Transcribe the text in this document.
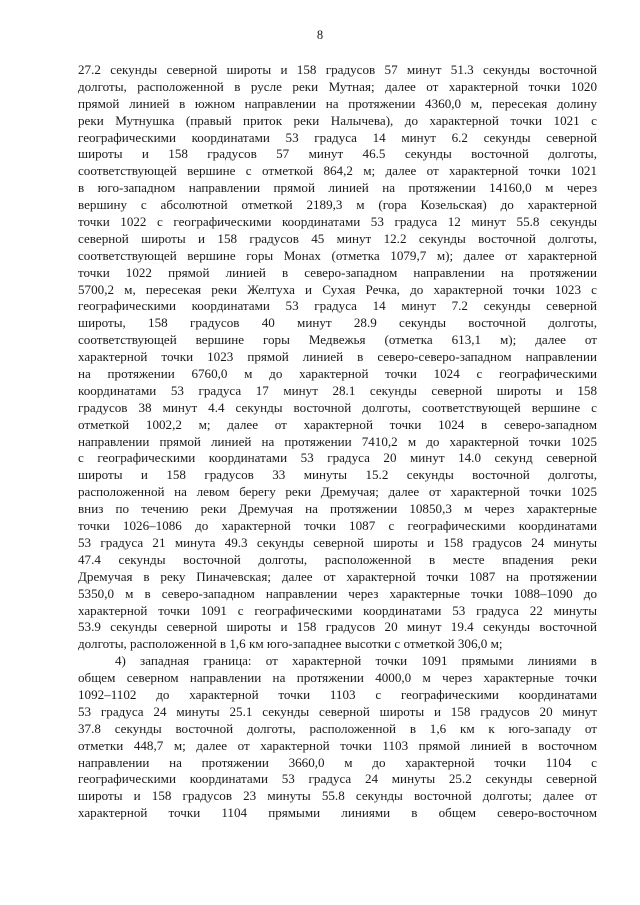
8
27.2 секунды северной широты и 158 градусов 57 минут 51.3 секунды восточной
долготы, расположенной в русле реки Мутная; далее от характерной точки 1020
прямой линией в южном направлении на протяжении 4360,0 м, пересекая долину
реки Мутнушка (правый приток реки Налычева), до характерной точки 1021 с
географическими координатами 53 градуса 14 минут 6.2 секунды северной
широты и 158 градусов 57 минут 46.5 секунды восточной долготы,
соответствующей вершине с отметкой 864,2 м; далее от характерной точки 1021
в юго-западном направлении прямой линией на протяжении 14160,0 м через
вершину с абсолютной отметкой 2189,3 м (гора Козельская) до характерной
точки 1022 с географическими координатами 53 градуса 12 минут 55.8 секунды
северной широты и 158 градусов 45 минут 12.2 секунды восточной долготы,
соответствующей вершине горы Монах (отметка 1079,7 м); далее от характерной
точки 1022 прямой линией в северо-западном направлении на протяжении
5700,2 м, пересекая реки Желтуха и Сухая Речка, до характерной точки 1023 с
географическими координатами 53 градуса 14 минут 7.2 секунды северной
широты, 158 градусов 40 минут 28.9 секунды восточной долготы,
соответствующей вершине горы Медвежья (отметка 613,1 м); далее от
характерной точки 1023 прямой линией в северо-северо-западном направлении
на протяжении 6760,0 м до характерной точки 1024 с географическими
координатами 53 градуса 17 минут 28.1 секунды северной широты и 158
градусов 38 минут 4.4 секунды восточной долготы, соответствующей вершине с
отметкой 1002,2 м; далее от характерной точки 1024 в северо-западном
направлении прямой линией на протяжении 7410,2 м до характерной точки 1025
с географическими координатами 53 градуса 20 минут 14.0 секунд северной
широты и 158 градусов 33 минуты 15.2 секунды восточной долготы,
расположенной на левом берегу реки Дремучая; далее от характерной точки 1025
вниз по течению реки Дремучая на протяжении 10850,3 м через характерные
точки 1026–1086 до характерной точки 1087 с географическими координатами
53 градуса 21 минута 49.3 секунды северной широты и 158 градусов 24 минуты
47.4 секунды восточной долготы, расположенной в месте впадения реки
Дремучая в реку Пиначевская; далее от характерной точки 1087 на протяжении
5350,0 м в северо-западном направлении через характерные точки 1088–1090 до
характерной точки 1091 с географическими координатами 53 градуса 22 минуты
53.9 секунды северной широты и 158 градусов 20 минут 19.4 секунды восточной
долготы, расположенной в 1,6 км юго-западнее высотки с отметкой 306,0 м;
4) западная граница: от характерной точки 1091 прямыми линиями в
общем северном направлении на протяжении 4000,0 м через характерные точки
1092–1102 до характерной точки 1103 с географическими координатами
53 градуса 24 минуты 25.1 секунды северной широты и 158 градусов 20 минут
37.8 секунды восточной долготы, расположенной в 1,6 км к юго-западу от
отметки 448,7 м; далее от характерной точки 1103 прямой линией в восточном
направлении на протяжении 3660,0 м до характерной точки 1104 с
географическими координатами 53 градуса 24 минуты 25.2 секунды северной
широты и 158 градусов 23 минуты 55.8 секунды восточной долготы; далее от
характерной точки 1104 прямыми линиями в общем северо-восточном
